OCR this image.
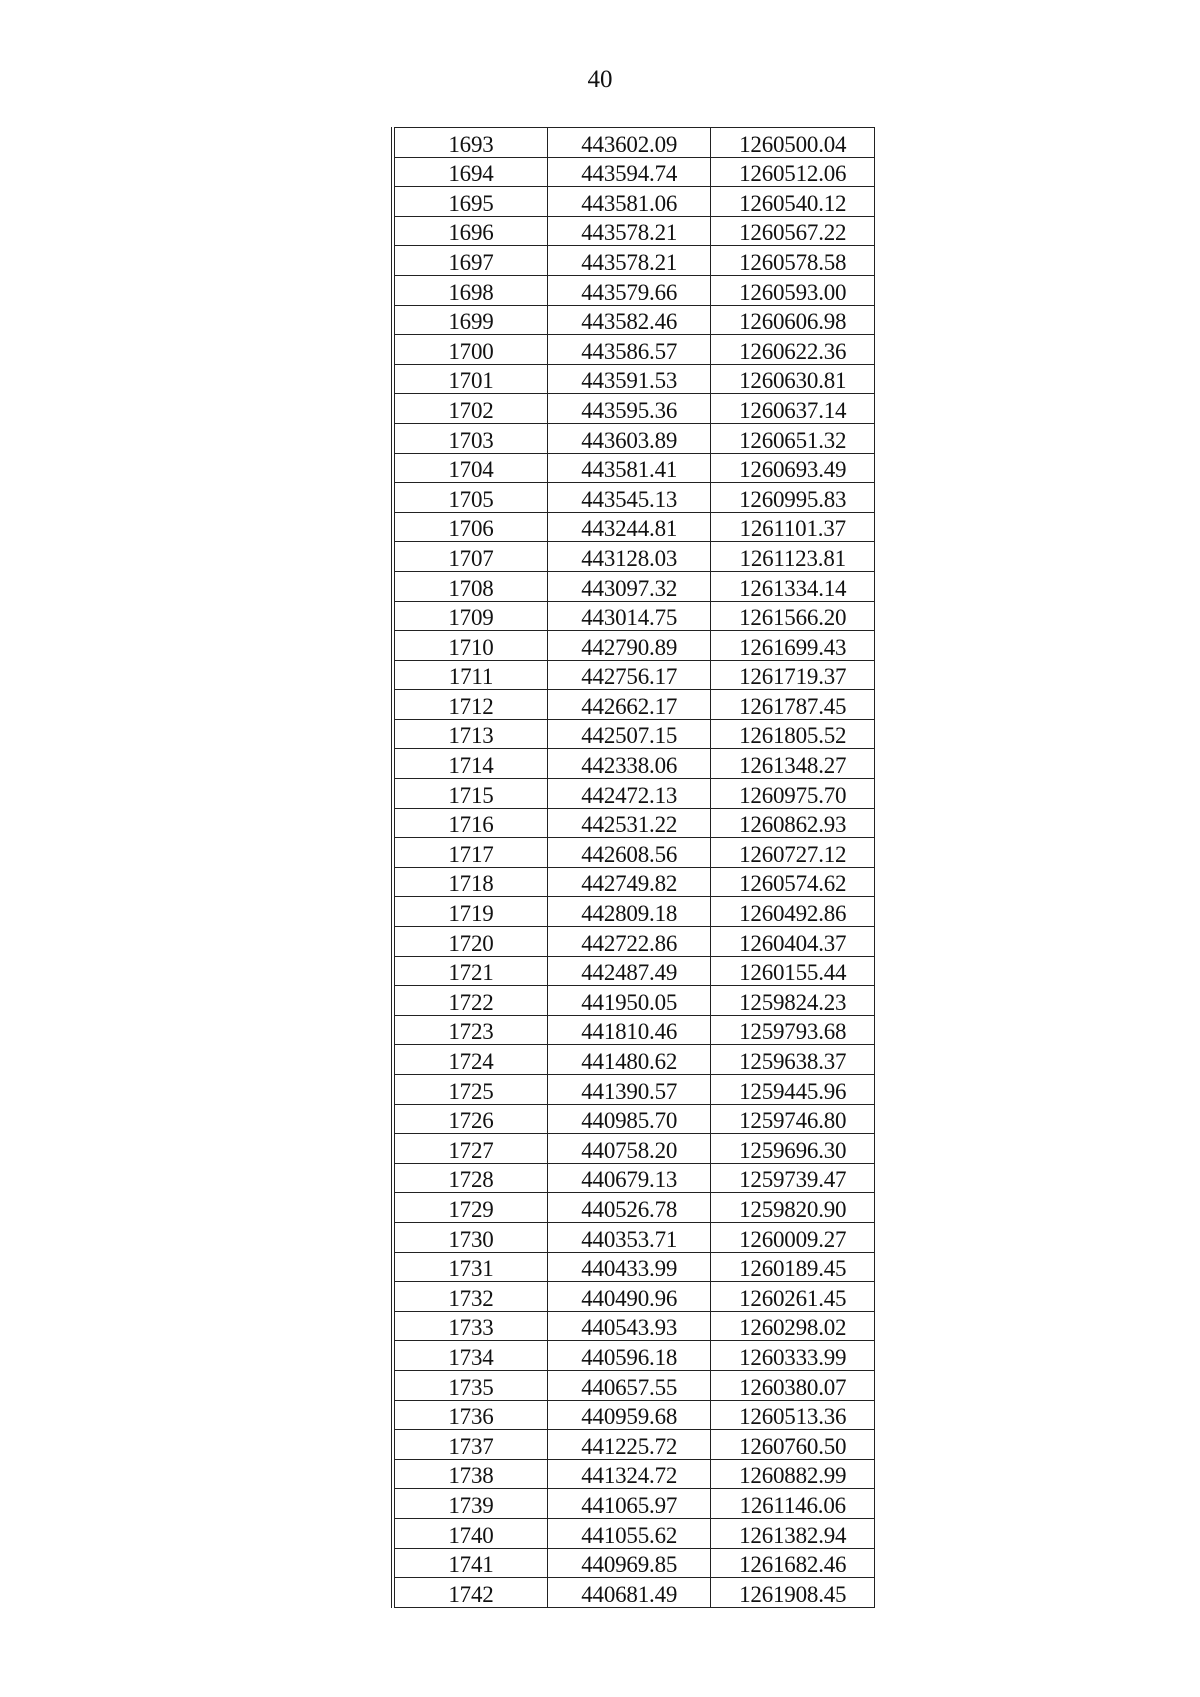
40
1693	443602.09	1260500.04
1694	443594.74	1260512.06
1695	443581.06	1260540.12
1696	443578.21	1260567.22
1697	443578.21	1260578.58
1698	443579.66	1260593.00
1699	443582.46	1260606.98
1700	443586.57	1260622.36
1701	443591.53	1260630.81
1702	443595.36	1260637.14
1703	443603.89	1260651.32
1704	443581.41	1260693.49
1705	443545.13	1260995.83
1706	443244.81	1261101.37
1707	443128.03	1261123.81
1708	443097.32	1261334.14
1709	443014.75	1261566.20
1710	442790.89	1261699.43
1711	442756.17	1261719.37
1712	442662.17	1261787.45
1713	442507.15	1261805.52
1714	442338.06	1261348.27
1715	442472.13	1260975.70
1716	442531.22	1260862.93
1717	442608.56	1260727.12
1718	442749.82	1260574.62
1719	442809.18	1260492.86
1720	442722.86	1260404.37
1721	442487.49	1260155.44
1722	441950.05	1259824.23
1723	441810.46	1259793.68
1724	441480.62	1259638.37
1725	441390.57	1259445.96
1726	440985.70	1259746.80
1727	440758.20	1259696.30
1728	440679.13	1259739.47
1729	440526.78	1259820.90
1730	440353.71	1260009.27
1731	440433.99	1260189.45
1732	440490.96	1260261.45
1733	440543.93	1260298.02
1734	440596.18	1260333.99
1735	440657.55	1260380.07
1736	440959.68	1260513.36
1737	441225.72	1260760.50
1738	441324.72	1260882.99
1739	441065.97	1261146.06
1740	441055.62	1261382.94
1741	440969.85	1261682.46
1742	440681.49	1261908.45
